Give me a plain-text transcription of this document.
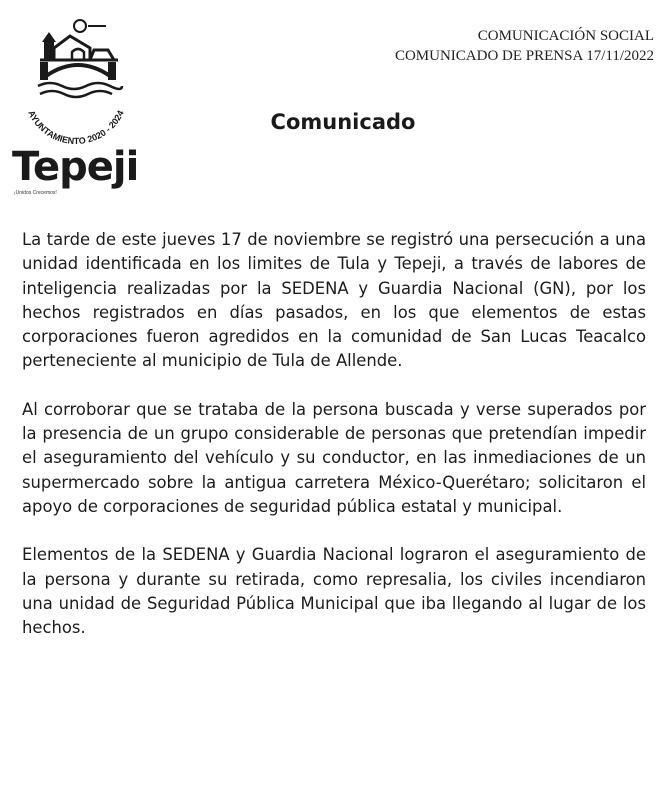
AYUNTAMIENTO 2020 - 2024
Tepeji
¡Unidos Crecemos!
COMUNICACIÓN SOCIAL
COMUNICADO DE PRENSA 17/11/2022
Comunicado

La tarde de este jueves 17 de noviembre se registró una persecución a una unidad identificada en los limites de Tula y Tepeji, a través de labores de inteligencia realizadas por la SEDENA y Guardia Nacional (GN), por los hechos registrados en días pasados, en los que elementos de estas corporaciones fueron agredidos en la comunidad de San Lucas Teacalco perteneciente al municipio de Tula de Allende.

Al corroborar que se trataba de la persona buscada y verse superados por la presencia de un grupo considerable de personas que pretendían impedir el aseguramiento del vehículo y su conductor, en las inmediaciones de un supermercado sobre la antigua carretera México-Querétaro; solicitaron el apoyo de corporaciones de seguridad pública estatal y municipal.

Elementos de la SEDENA y Guardia Nacional lograron el aseguramiento de la persona y durante su retirada, como represalia, los civiles incendiaron una unidad de Seguridad Pública Municipal que iba llegando al lugar de los hechos.
